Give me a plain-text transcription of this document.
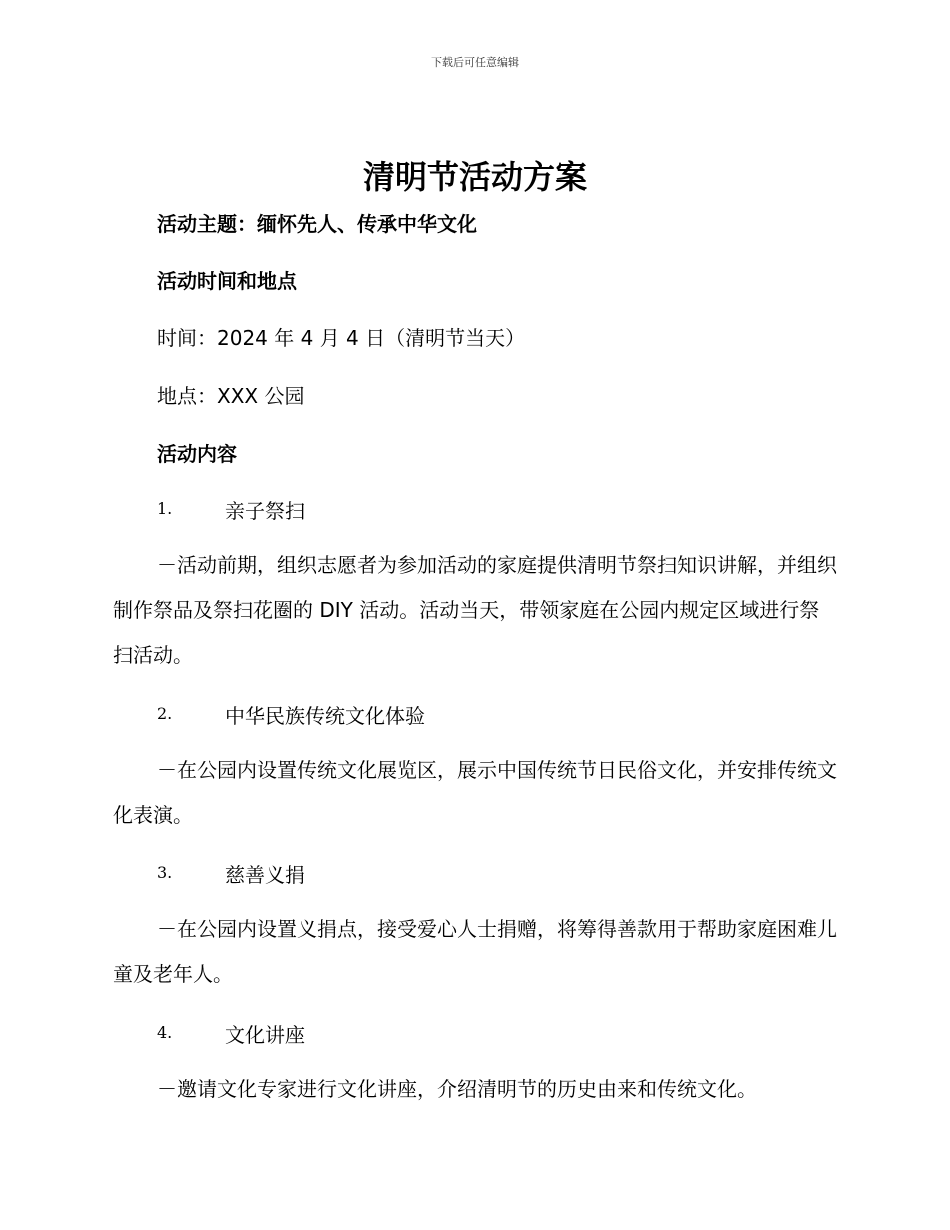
下载后可任意编辑
清明节活动方案
活动主题：缅怀先人、传承中华文化
活动时间和地点
时间：2024 年 4 月 4 日（清明节当天）
地点：XXX 公园
活动内容
1.	亲子祭扫
－活动前期，组织志愿者为参加活动的家庭提供清明节祭扫知识讲解，并组织制作祭品及祭扫花圈的 DIY 活动。活动当天，带领家庭在公园内规定区域进行祭扫活动。
2.	中华民族传统文化体验
－在公园内设置传统文化展览区，展示中国传统节日民俗文化，并安排传统文化表演。
3.	慈善义捐
－在公园内设置义捐点，接受爱心人士捐赠，将筹得善款用于帮助家庭困难儿童及老年人。
4.	文化讲座
－邀请文化专家进行文化讲座，介绍清明节的历史由来和传统文化。
